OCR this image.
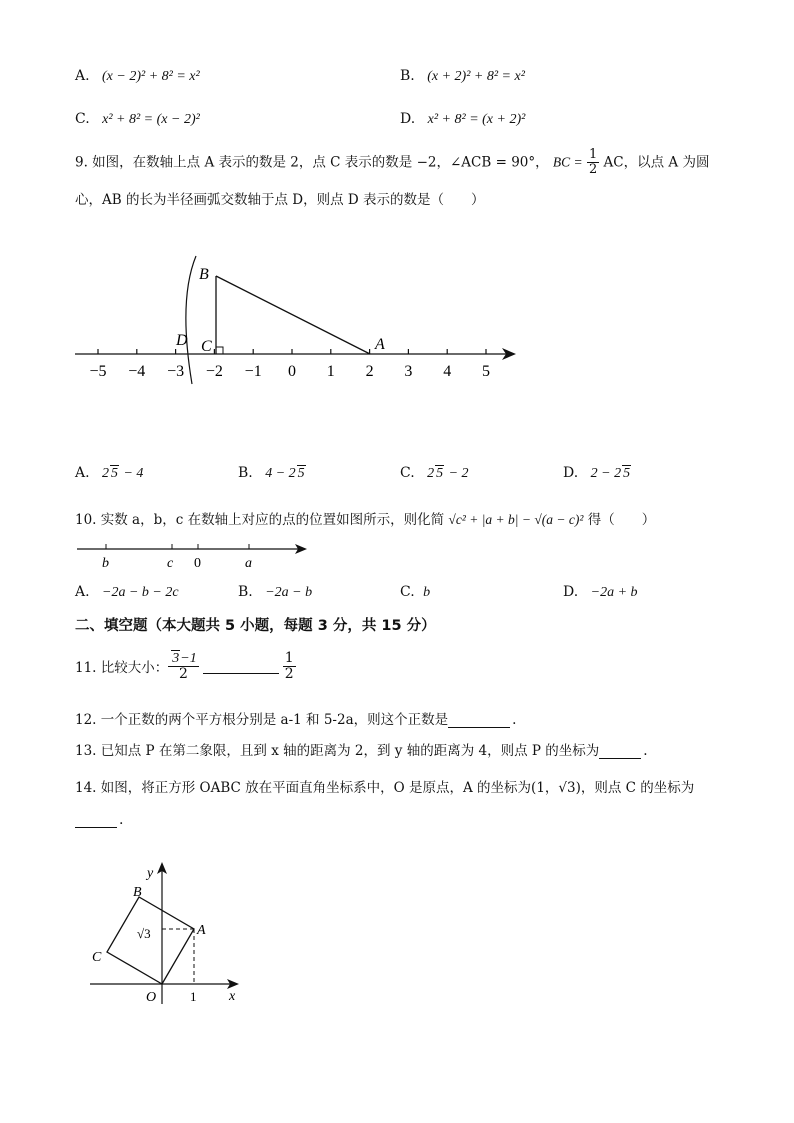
A. (x − 2)² + 8² = x²	B. (x + 2)² + 8² = x²
C. x² + 8² = (x − 2)²	D. x² + 8² = (x + 2)²
9. 如图，在数轴上点 A 表示的数是 2，点 C 表示的数是 −2，∠ACB = 90°， BC = $\frac{1}{2}$ AC，以点 A 为圆
心，AB 的长为半径画弧交数轴于点 D，则点 D 表示的数是（　　）
−5 −4 −3 −2 −1 0 1 2 3 4 5
B
C
D	A
A. 2 5 − 4	B. 4 − 2 5	C. 2 5 − 2	D. 2 − 2 5
10. 实数 a，b，c 在数轴上对应的点的位置如图所示，则化简 √c² + |a + b| − √(a − c)² 得（　　）
b	c 0	a
A. −2a − b − 2c	B. −2a − b	C. b	D. −2a + b
二、填空题（本大题共 5 小题，每题 3 分，共 15 分）
11. 比较大小： $\frac{3-1}{2}$	$\frac{1}{2}$
12. 一个正数的两个平方根分别是 a-1 和 5-2a，则这个正数是	.
13. 已知点 P 在第二象限，且到 x 轴的距离为 2，到 y 轴的距离为 4，则点 P 的坐标为	.
14. 如图，将正方形 OABC 放在平面直角坐标系中，O 是原点，A 的坐标为(1，√3)，则点 C 的坐标为
.
y
x
B
A
C
O	1
√3
